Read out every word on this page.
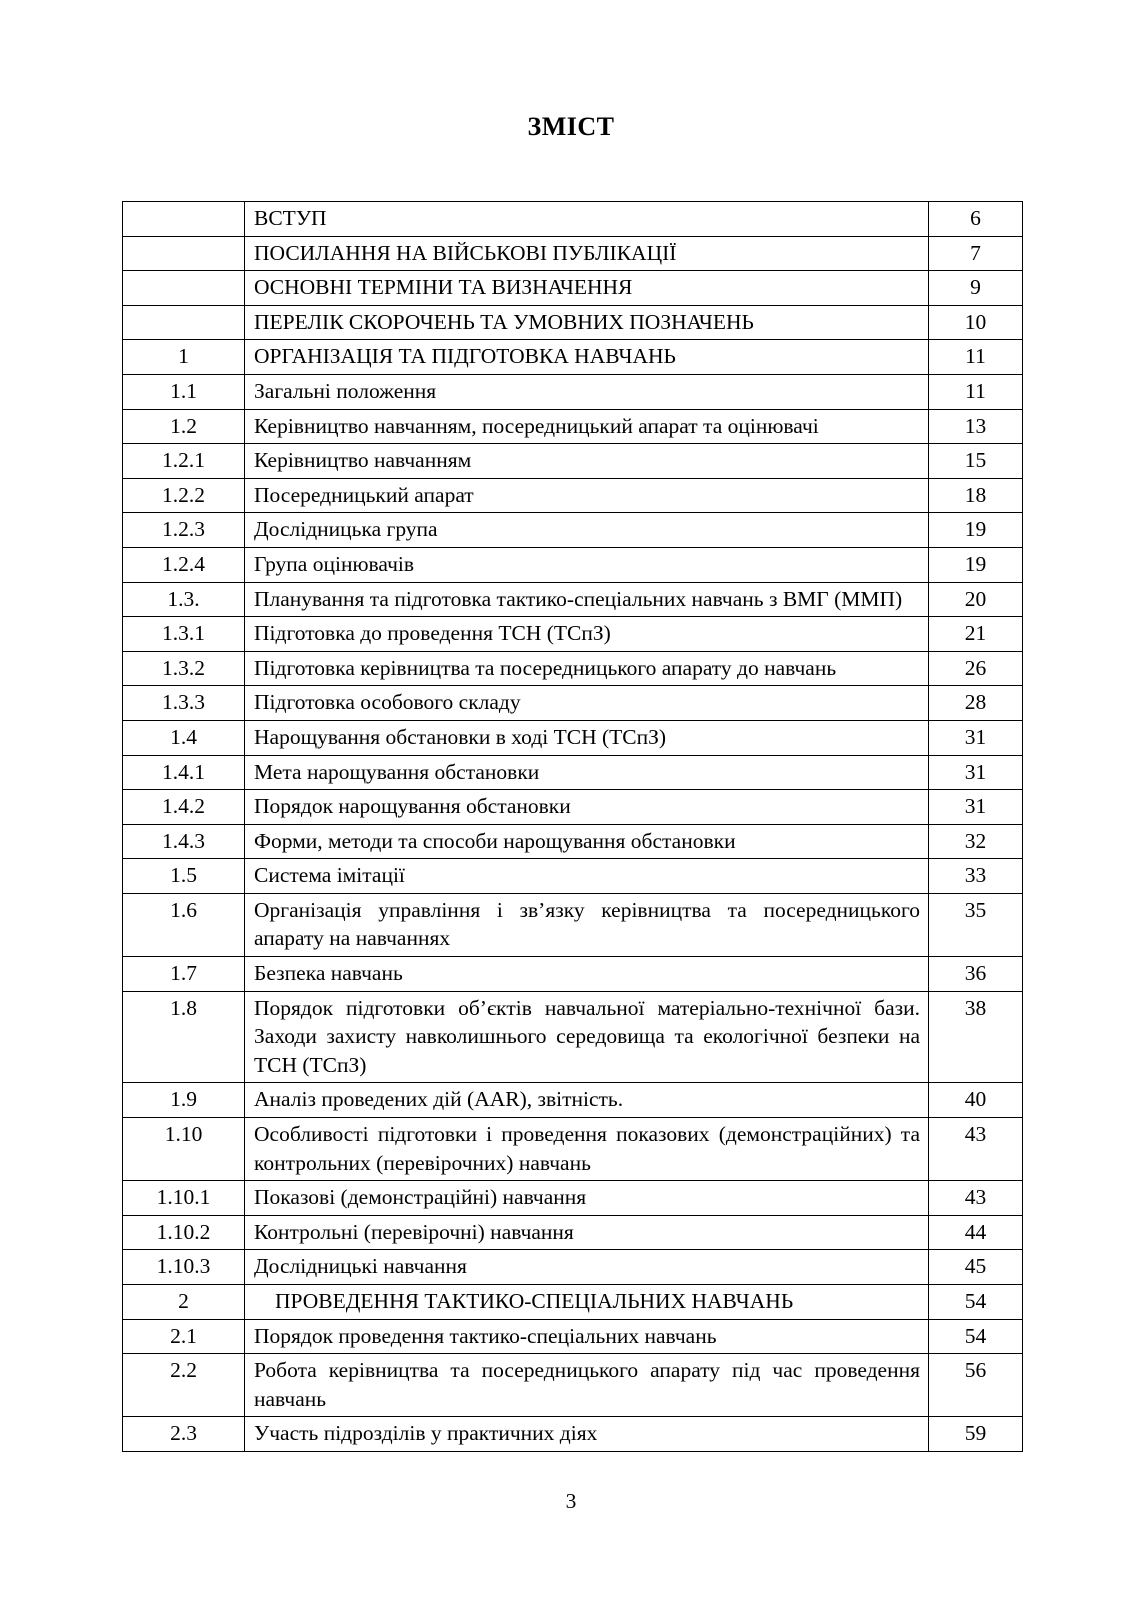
ЗМІСТ
	ВСТУП	6
	ПОСИЛАННЯ НА ВІЙСЬКОВІ ПУБЛІКАЦІЇ	7
	ОСНОВНІ ТЕРМІНИ ТА ВИЗНАЧЕННЯ	9
	ПЕРЕЛІК СКОРОЧЕНЬ ТА УМОВНИХ ПОЗНАЧЕНЬ	10
1	ОРГАНІЗАЦІЯ ТА ПІДГОТОВКА НАВЧАНЬ	11
1.1	Загальні положення	11
1.2	Керівництво навчанням, посередницький апарат та оцінювачі	13
1.2.1	Керівництво навчанням	15
1.2.2	Посередницький апарат	18
1.2.3	Дослідницька група	19
1.2.4	Група оцінювачів	19
1.3.	Планування та підготовка тактико-спеціальних навчань з ВМГ (ММП)	20
1.3.1	Підготовка до проведення ТСН (ТСпЗ)	21
1.3.2	Підготовка керівництва та посередницького апарату до навчань	26
1.3.3	Підготовка особового складу	28
1.4	Нарощування обстановки в ході ТСН (ТСпЗ)	31
1.4.1	Мета нарощування обстановки	31
1.4.2	Порядок нарощування обстановки	31
1.4.3	Форми, методи та способи нарощування обстановки	32
1.5	Система імітації	33
1.6	Організація управління і зв’язку керівництва та посередницького апарату на навчаннях	35
1.7	Безпека навчань	36
1.8	Порядок підготовки об’єктів навчальної матеріально-технічної бази. Заходи захисту навколишнього середовища та екологічної безпеки на ТСН (ТСпЗ)	38
1.9	Аналіз проведених дій (AAR), звітність.	40
1.10	Особливості підготовки і проведення показових (демонстраційних) та контрольних (перевірочних) навчань	43
1.10.1	Показові (демонстраційні) навчання	43
1.10.2	Контрольні (перевірочні) навчання	44
1.10.3	Дослідницькі навчання	45
2	ПРОВЕДЕННЯ ТАКТИКО-СПЕЦІАЛЬНИХ НАВЧАНЬ	54
2.1	Порядок проведення тактико-спеціальних навчань	54
2.2	Робота керівництва та посередницького апарату під час проведення навчань	56
2.3	Участь підрозділів у практичних діях	59
3
